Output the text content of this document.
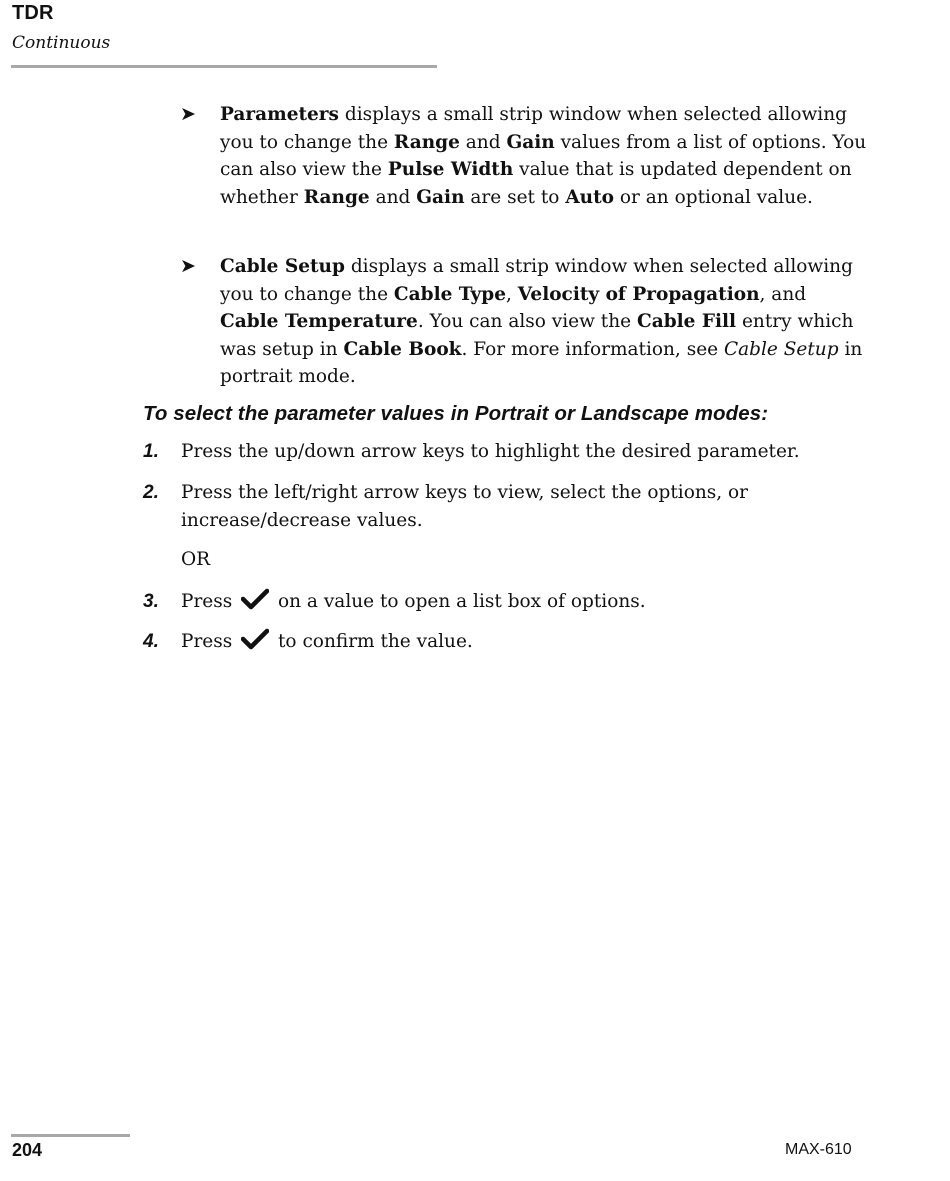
TDR
Continuous
➤ Parameters displays a small strip window when selected allowing you to change the Range and Gain values from a list of options. You can also view the Pulse Width value that is updated dependent on whether Range and Gain are set to Auto or an optional value.
➤ Cable Setup displays a small strip window when selected allowing you to change the Cable Type, Velocity of Propagation, and Cable Temperature. You can also view the Cable Fill entry which was setup in Cable Book. For more information, see Cable Setup in portrait mode.
To select the parameter values in Portrait or Landscape modes:
1. Press the up/down arrow keys to highlight the desired parameter.
2. Press the left/right arrow keys to view, select the options, or increase/decrease values.
OR
3. Press  on a value to open a list box of options.
4. Press  to confirm the value.
204	MAX-610
